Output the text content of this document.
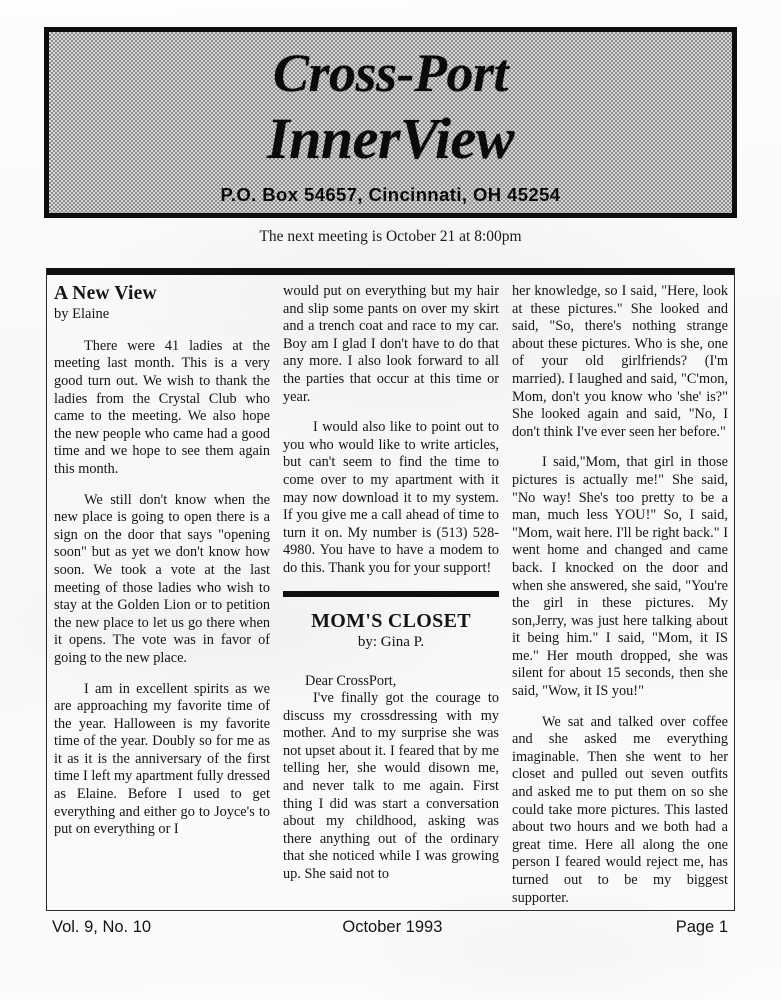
Cross-Port
InnerView
P.O. Box 54657, Cincinnati, OH 45254
The next meeting is October 21 at 8:00pm
A New View
by Elaine

There were 41 ladies at the meeting last month. This is a very good turn out. We wish to thank the ladies from the Crystal Club who came to the meeting. We also hope the new people who came had a good time and we hope to see them again this month.

We still don't know when the new place is going to open there is a sign on the door that says "opening soon" but as yet we don't know how soon. We took a vote at the last meeting of those ladies who wish to stay at the Golden Lion or to petition the new place to let us go there when it opens. The vote was in favor of going to the new place.

I am in excellent spirits as we are approaching my favorite time of the year. Halloween is my favorite time of the year. Doubly so for me as it as it is the anniversary of the first time I left my apartment fully dressed as Elaine. Before I used to get everything and either go to Joyce's to put on everything or I

would put on everything but my hair and slip some pants on over my skirt and a trench coat and race to my car. Boy am I glad I don't have to do that any more. I also look forward to all the parties that occur at this time or year.

I would also like to point out to you who would like to write articles, but can't seem to find the time to come over to my apartment with it may now download it to my system. If you give me a call ahead of time to turn it on. My number is (513) 528-4980. You have to have a modem to do this. Thank you for your support!

MOM'S CLOSET
by: Gina P.

Dear CrossPort,

I've finally got the courage to discuss my crossdressing with my mother. And to my surprise she was not upset about it. I feared that by me telling her, she would disown me, and never talk to me again. First thing I did was start a conversation about my childhood, asking was there anything out of the ordinary that she noticed while I was growing up. She said not to

her knowledge, so I said, "Here, look at these pictures." She looked and said, "So, there's nothing strange about these pictures. Who is she, one of your old girlfriends? (I'm married). I laughed and said, "C'mon, Mom, don't you know who 'she' is?" She looked again and said, "No, I don't think I've ever seen her before."

I said,"Mom, that girl in those pictures is actually me!" She said, "No way! She's too pretty to be a man, much less YOU!" So, I said, "Mom, wait here. I'll be right back." I went home and changed and came back. I knocked on the door and when she answered, she said, "You're the girl in these pictures. My son,Jerry, was just here talking about it being him." I said, "Mom, it IS me." Her mouth dropped, she was silent for about 15 seconds, then she said, "Wow, it IS you!"

We sat and talked over coffee and she asked me everything imaginable. Then she went to her closet and pulled out seven outfits and asked me to put them on so she could take more pictures. This lasted about two hours and we both had a great time. Here all along the one person I feared would reject me, has turned out to be my biggest supporter.

Vol. 9, No. 10	October 1993	Page 1
